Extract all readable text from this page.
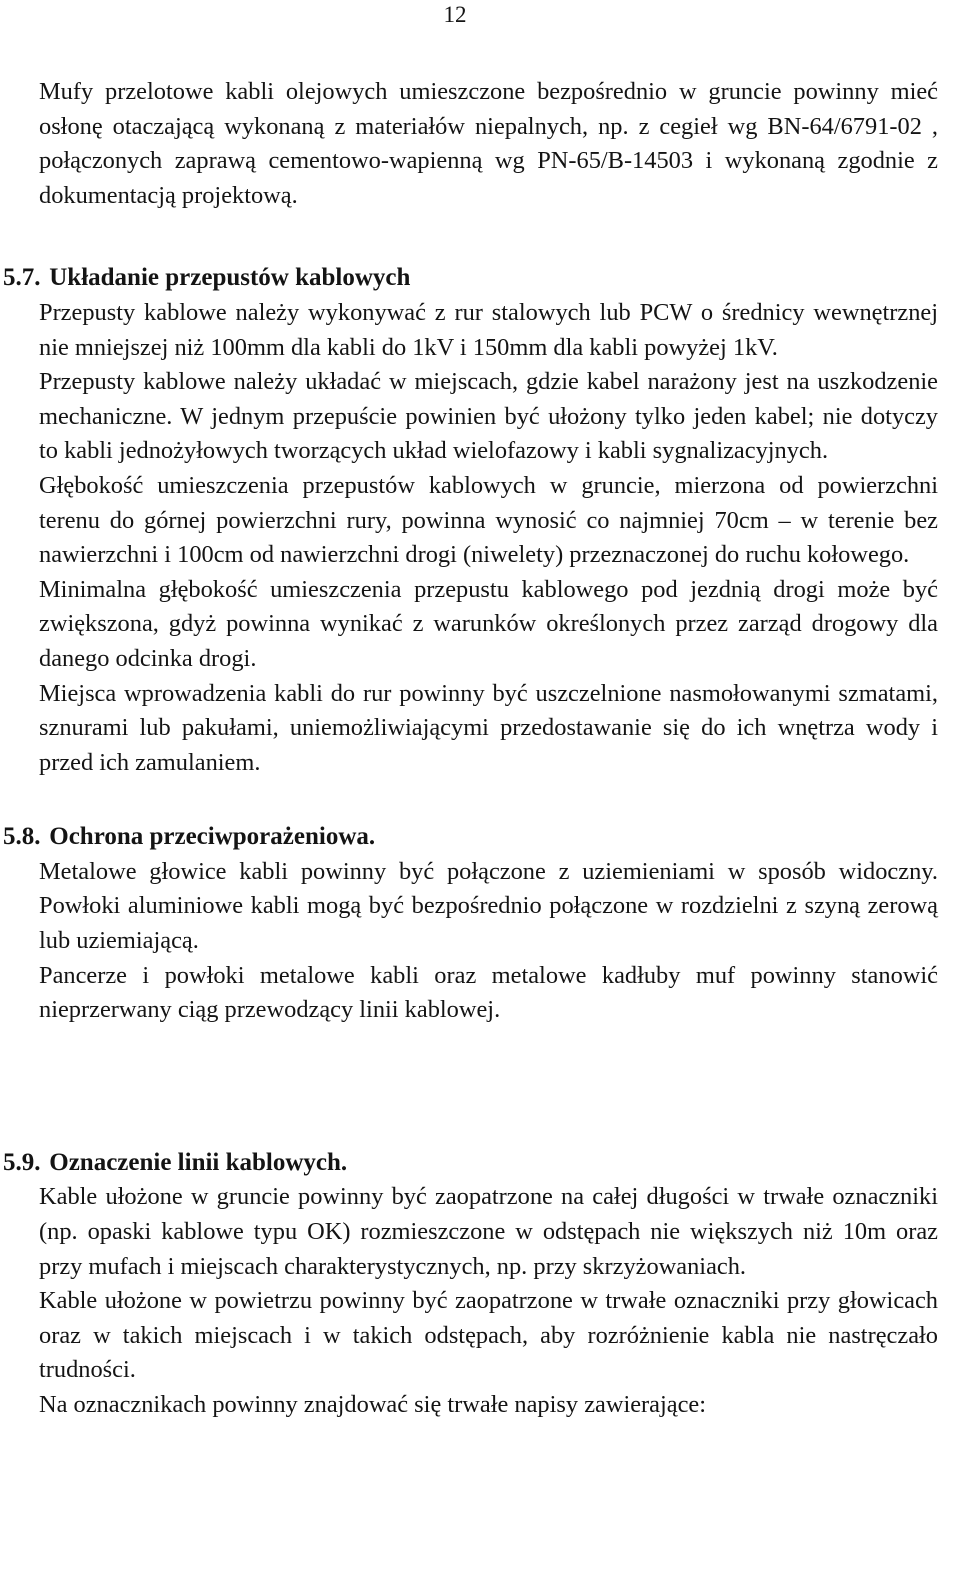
12

Mufy przelotowe kabli olejowych umieszczone bezpośrednio w gruncie powinny mieć osłonę otaczającą wykonaną z materiałów niepalnych, np. z cegieł wg BN-64/6791-02 , połączonych zaprawą cementowo-wapienną wg PN-65/B-14503 i wykonaną zgodnie z dokumentacją projektową.

5.7. Układanie przepustów kablowych

Przepusty kablowe należy wykonywać z rur stalowych lub PCW o średnicy wewnętrznej nie mniejszej niż 100mm dla kabli do 1kV i 150mm dla kabli powyżej 1kV.

Przepusty kablowe należy układać w miejscach, gdzie kabel narażony jest na uszkodzenie mechaniczne. W jednym przepuście powinien być ułożony tylko jeden kabel; nie dotyczy to kabli jednożyłowych tworzących układ wielofazowy i kabli sygnalizacyjnych.

Głębokość umieszczenia przepustów kablowych w gruncie, mierzona od powierzchni terenu do górnej powierzchni rury, powinna wynosić co najmniej 70cm – w terenie bez nawierzchni i 100cm od nawierzchni drogi (niwelety) przeznaczonej do ruchu kołowego.

Minimalna głębokość umieszczenia przepustu kablowego pod jezdnią drogi może być zwiększona, gdyż powinna wynikać z warunków określonych przez zarząd drogowy dla danego odcinka drogi.

Miejsca wprowadzenia kabli do rur powinny być uszczelnione nasmołowanymi szmatami, sznurami lub pakułami, uniemożliwiającymi przedostawanie się do ich wnętrza wody i przed ich zamulaniem.

5.8. Ochrona przeciwporażeniowa.

Metalowe głowice kabli powinny być połączone z uziemieniami w sposób widoczny. Powłoki aluminiowe kabli mogą być bezpośrednio połączone w rozdzielni z szyną zerową lub uziemiającą.

Pancerze i powłoki metalowe kabli oraz metalowe kadłuby muf powinny stanowić nieprzerwany ciąg przewodzący linii kablowej.

5.9. Oznaczenie linii kablowych.

Kable ułożone w gruncie powinny być zaopatrzone na całej długości w trwałe oznaczniki (np. opaski kablowe typu OK) rozmieszczone w odstępach nie większych niż 10m oraz przy mufach i miejscach charakterystycznych, np. przy skrzyżowaniach.

Kable ułożone w powietrzu powinny być zaopatrzone w trwałe oznaczniki przy głowicach oraz w takich miejscach i w takich odstępach, aby rozróżnienie kabla nie nastręczało trudności.

Na oznacznikach powinny znajdować się trwałe napisy zawierające:
